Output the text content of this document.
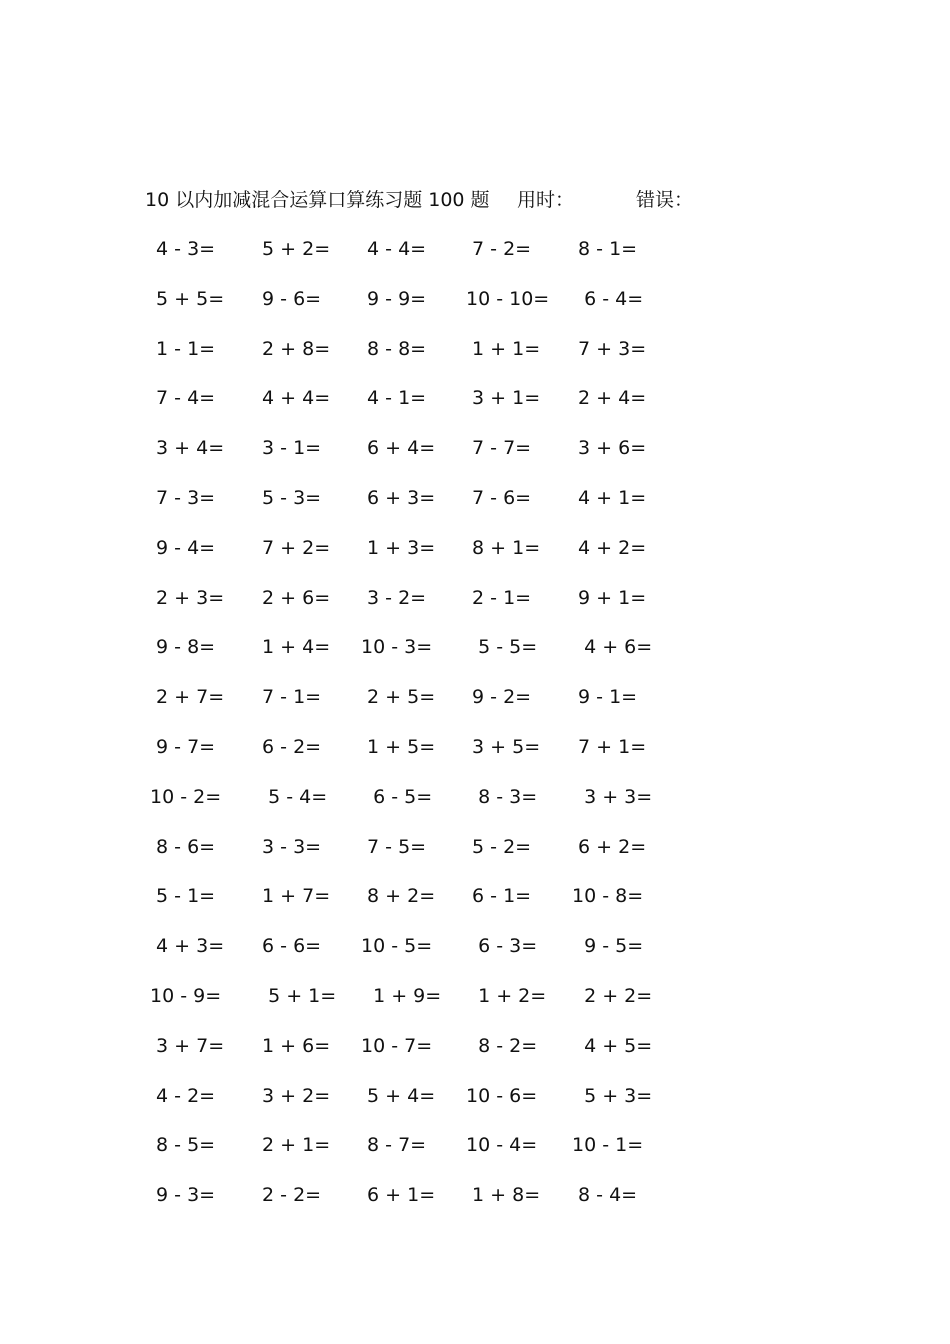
10 以内加减混合运算口算练习题 100 题 用时：	错误：
4 - 3=	5 + 2=	4 - 4=	7 - 2=	8 - 1=
5 + 5=	9 - 6=	9 - 9=	10 - 10=	6 - 4=
1 - 1=	2 + 8=	8 - 8=	1 + 1=	7 + 3=
7 - 4=	4 + 4=	4 - 1=	3 + 1=	2 + 4=
3 + 4=	3 - 1=	6 + 4=	7 - 7=	3 + 6=
7 - 3=	5 - 3=	6 + 3=	7 - 6=	4 + 1=
9 - 4=	7 + 2=	1 + 3=	8 + 1=	4 + 2=
2 + 3=	2 + 6=	3 - 2=	2 - 1=	9 + 1=
9 - 8=	1 + 4=	10 - 3=	5 - 5=	4 + 6=
2 + 7=	7 - 1=	2 + 5=	9 - 2=	9 - 1=
9 - 7=	6 - 2=	1 + 5=	3 + 5=	7 + 1=
10 - 2=	5 - 4=	6 - 5=	8 - 3=	3 + 3=
8 - 6=	3 - 3=	7 - 5=	5 - 2=	6 + 2=
5 - 1=	1 + 7=	8 + 2=	6 - 1=	10 - 8=
4 + 3=	6 - 6=	10 - 5=	6 - 3=	9 - 5=
10 - 9=	5 + 1=	1 + 9=	1 + 2=	2 + 2=
3 + 7=	1 + 6=	10 - 7=	8 - 2=	4 + 5=
4 - 2=	3 + 2=	5 + 4=	10 - 6=	5 + 3=
8 - 5=	2 + 1=	8 - 7=	10 - 4=	10 - 1=
9 - 3=	2 - 2=	6 + 1=	1 + 8=	8 - 4=
